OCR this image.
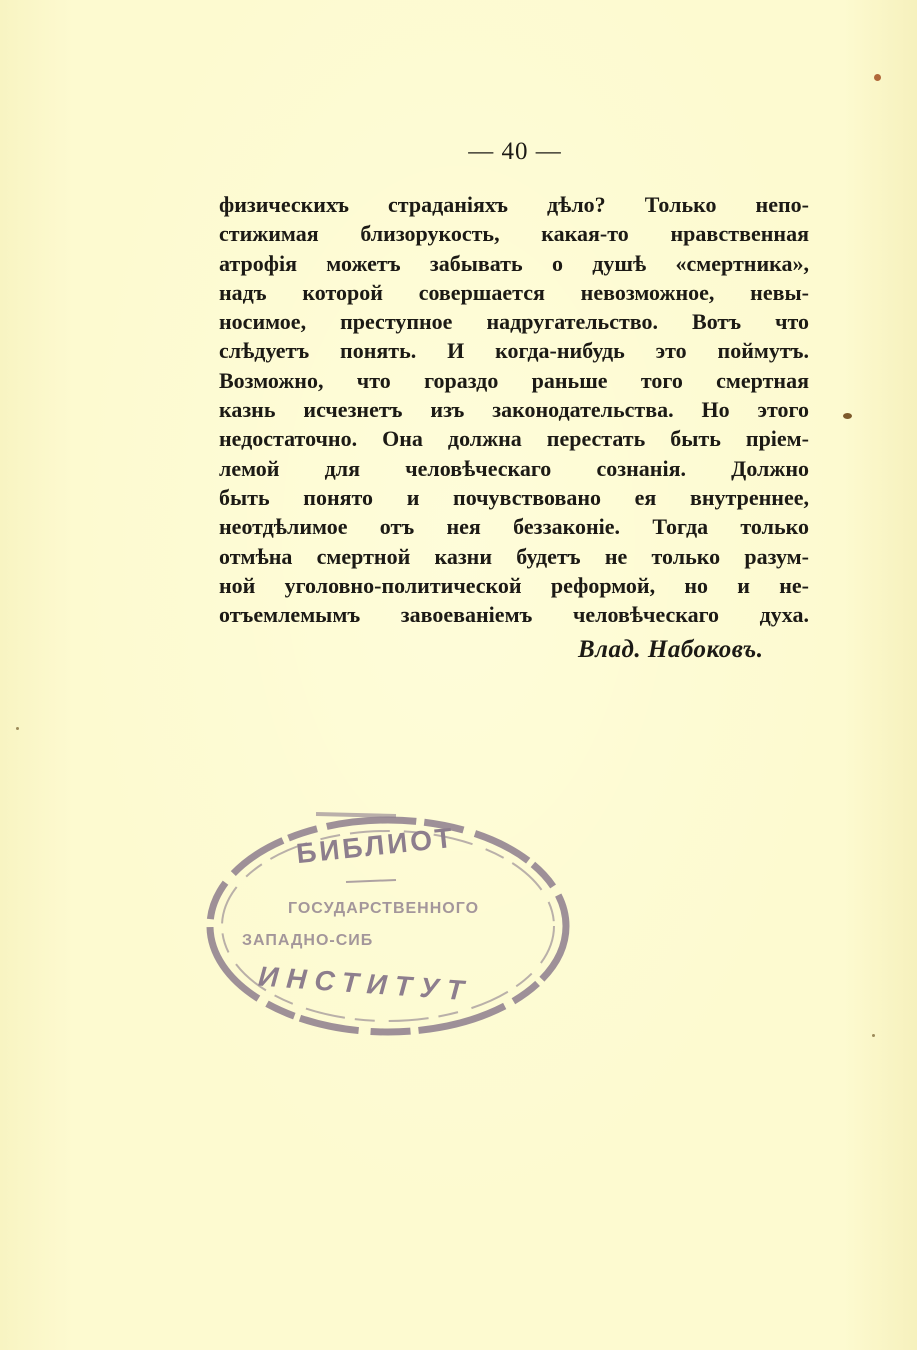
— 40 —
физическихъ страданіяхъ дѣло? Только непо-
стижимая близорукость, какая-то нравственная
атрофія можетъ забывать о душѣ «смертника»,
надъ которой совершается невозможное, невы-
носимое, преступное надругательство. Вотъ что
слѣдуетъ понять. И когда-нибудь это поймутъ.
Возможно, что гораздо раньше того смертная
казнь исчезнетъ изъ законодательства. Но этого
недостаточно. Она должна перестать быть пріем-
лемой для человѣческаго сознанія. Должно
быть понято и почувствовано ея внутреннее,
неотдѣлимое отъ нея беззаконіе. Тогда только
отмѣна смертной казни будетъ не только разум-
ной уголовно-политической реформой, но и не-
отъемлемымъ завоеваніемъ человѣческаго духа.
Влад. Набоковъ.
БИБЛИОТ
ГОСУДАРСТВЕННОГО
ЗАПАДНО-СИБ
ИНСТИТУТ
